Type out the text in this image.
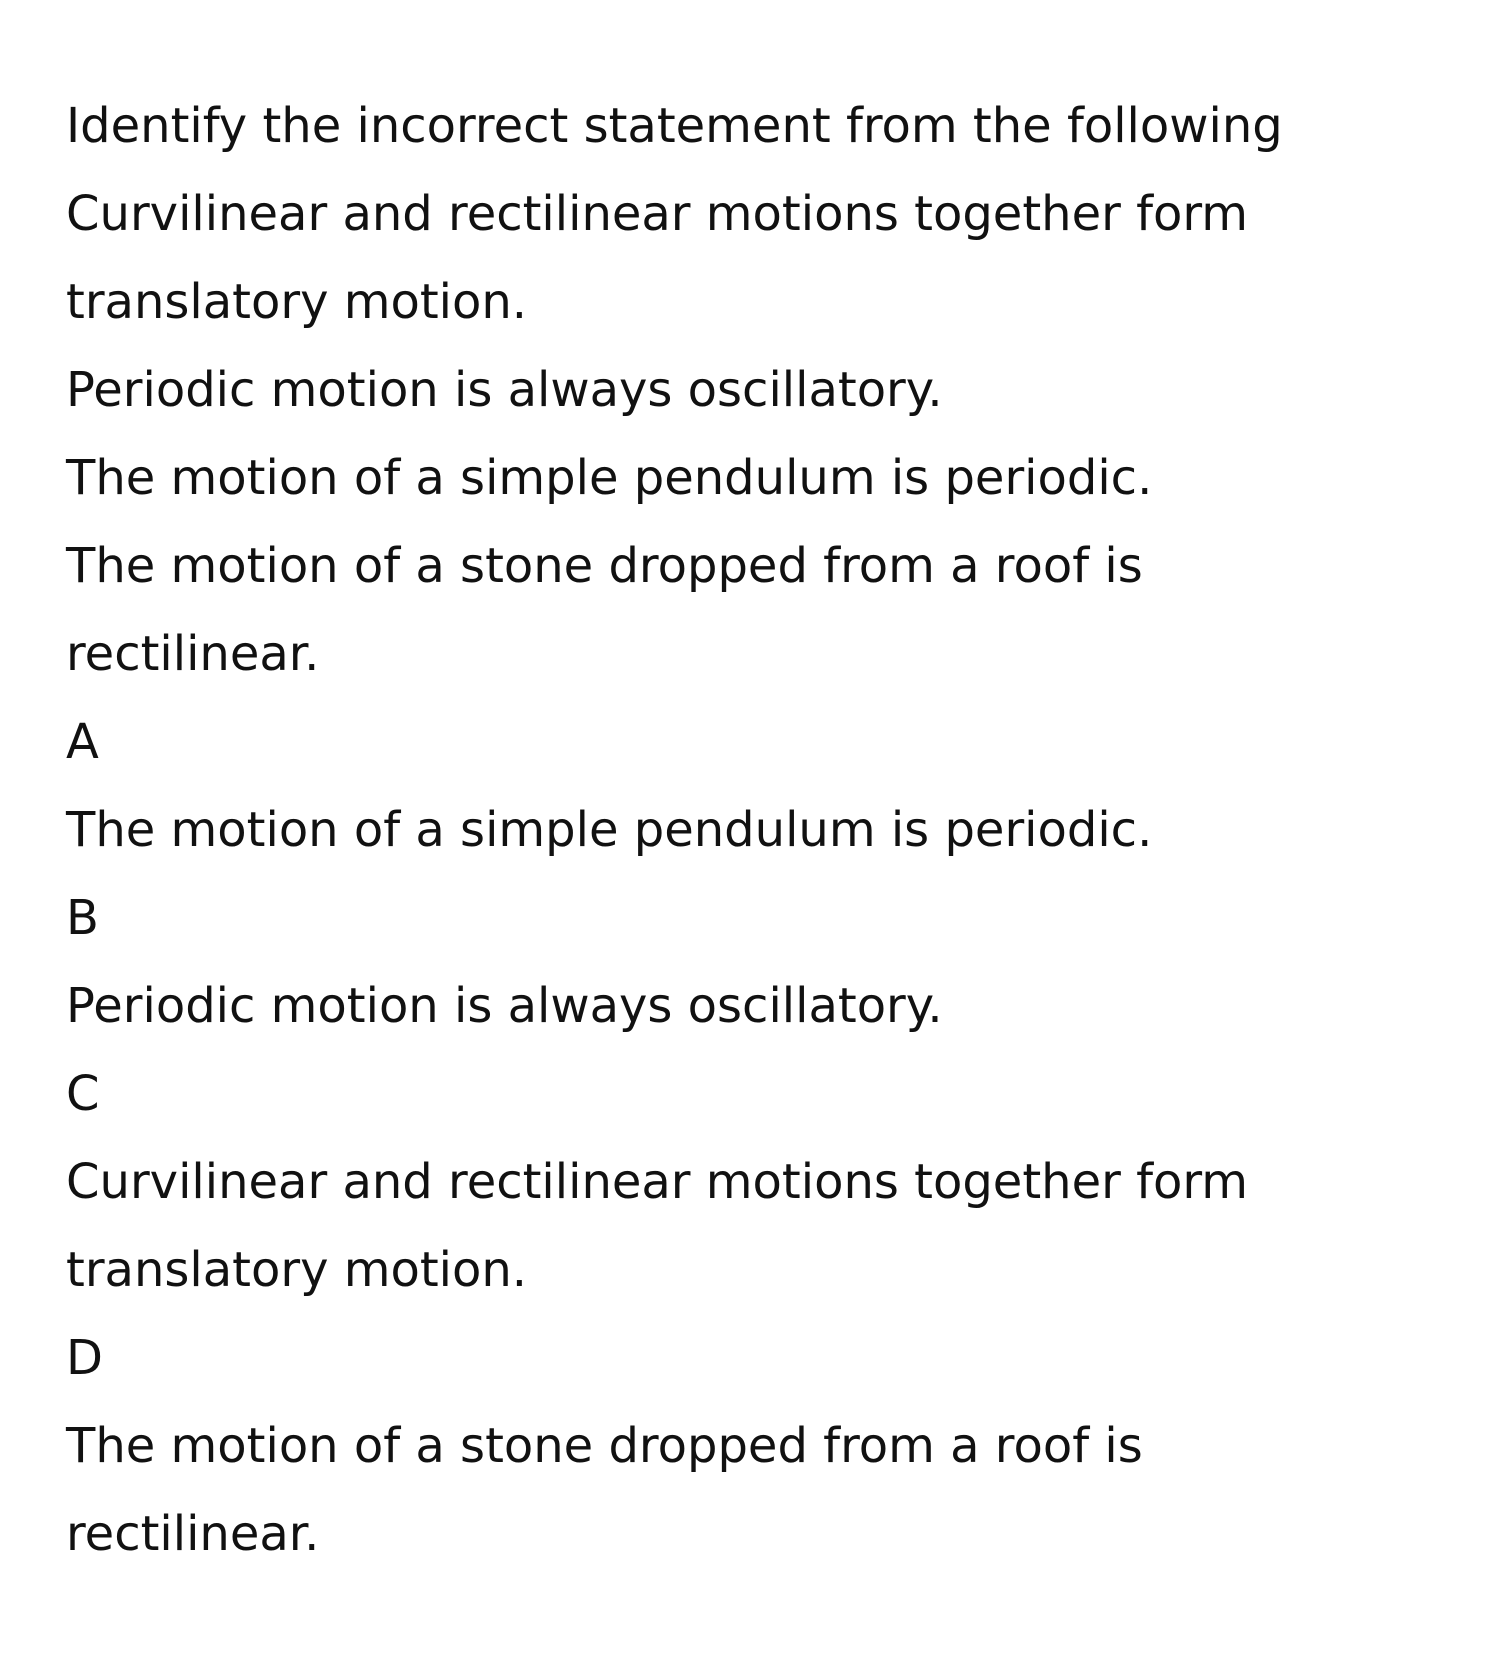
Identify the incorrect statement from the following
Curvilinear and rectilinear motions together form
translatory motion.
Periodic motion is always oscillatory.
The motion of a simple pendulum is periodic.
The motion of a stone dropped from a roof is
rectilinear.
A
The motion of a simple pendulum is periodic.
B
Periodic motion is always oscillatory.
C
Curvilinear and rectilinear motions together form
translatory motion.
D
The motion of a stone dropped from a roof is
rectilinear.
